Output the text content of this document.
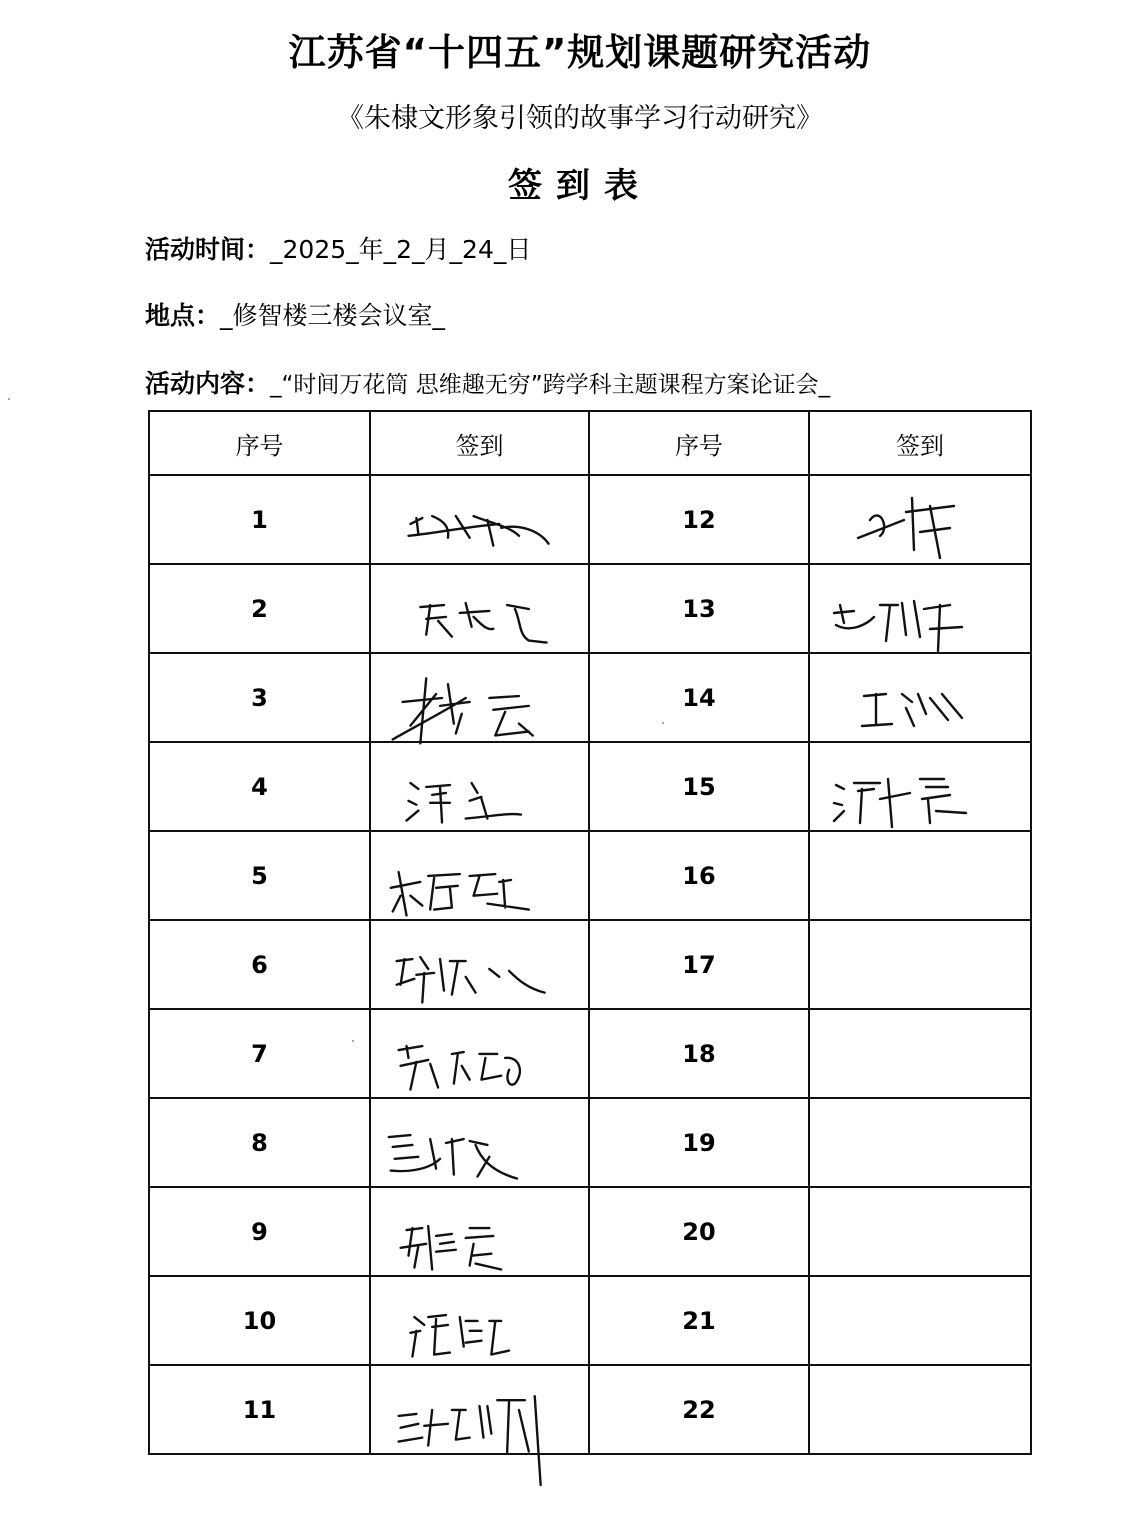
江苏省“十四五”规划课题研究活动
《朱棣文形象引领的故事学习行动研究》
签到表
活动时间：_2025_年_2_月_24_日
地点：_修智楼三楼会议室_
活动内容：_“时间万花筒 思维趣无穷”跨学科主题课程方案论证会_
序号	签到	序号	签到
1		12	

2		13	

3		14	

4		15	

5		16	
6		17	
7		18	
8		19	
9		20	
10		21	
11		22	
